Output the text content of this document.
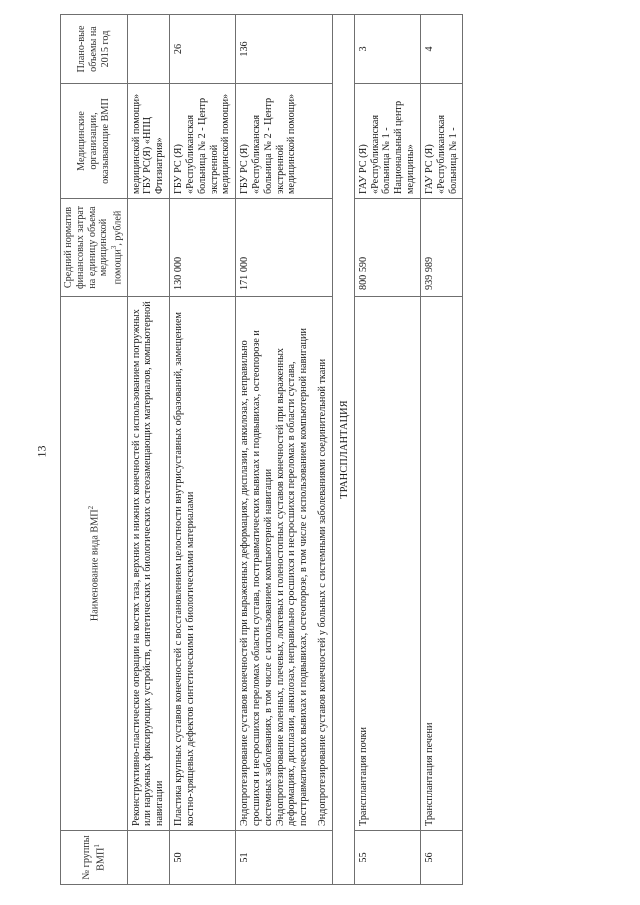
13
№ группы ВМП$^1$	Наименование вида ВМП$^2$	Средний норматив финансовых затрат на единицу объема медицинской помощи$^3$, рублей	Медицинские организации, оказывающие ВМП	Плано-вые объемы на 2015 год
	Реконструктивно-пластические операции на костях таза, верхних и нижних конечностей с использованием погружных или наружных фиксирующих устройств, синтетических и биологических остеозамещающих материалов, компьютерной навигации		медицинской помощи» ГБУ РС(Я) «НПЦ Фтизиатрия»	
50	Пластика крупных суставов конечностей с восстановлением целостности внутрисуставных образований, замещением костно-хрящевых дефектов синтетическими и биологическими материалами	130 000	ГБУ РС (Я) «Республиканская больница № 2 - Центр экстренной медицинской помощи»	26
51	Эндопротезирование суставов конечностей при выраженных деформациях, дисплазии, анкилозах, неправильно сросшихся и несросшихся переломах области сустава, посттравматических вывихах и подвывихах, остеопорозе и системных заболеваниях, в том числе с использованием компьютерной навигации Эндопротезирование коленных, плечевых, локтевых и голеностопных суставов конечностей при выраженных деформациях, дисплазии, анкилозах, неправильно сросшихся и несросшихся переломах в области сустава, посттравматических вывихах и подвывихах, остеопорозе, в том числе с использованием компьютерной навигации Эндопротезирование суставов конечностей у больных с системными заболеваниями соединительной ткани	171 000	ГБУ РС (Я) «Республиканская больница № 2 - Центр экстренной медицинской помощи»	136
ТРАНСПЛАНТАЦИЯ				
55	Трансплантация почки	800 590	ГАУ РС (Я) «Республиканская больница № 1 - Национальный центр медицины»	3
56	Трансплантация печени	939 989	ГАУ РС (Я) «Республиканская больница № 1 -	4
